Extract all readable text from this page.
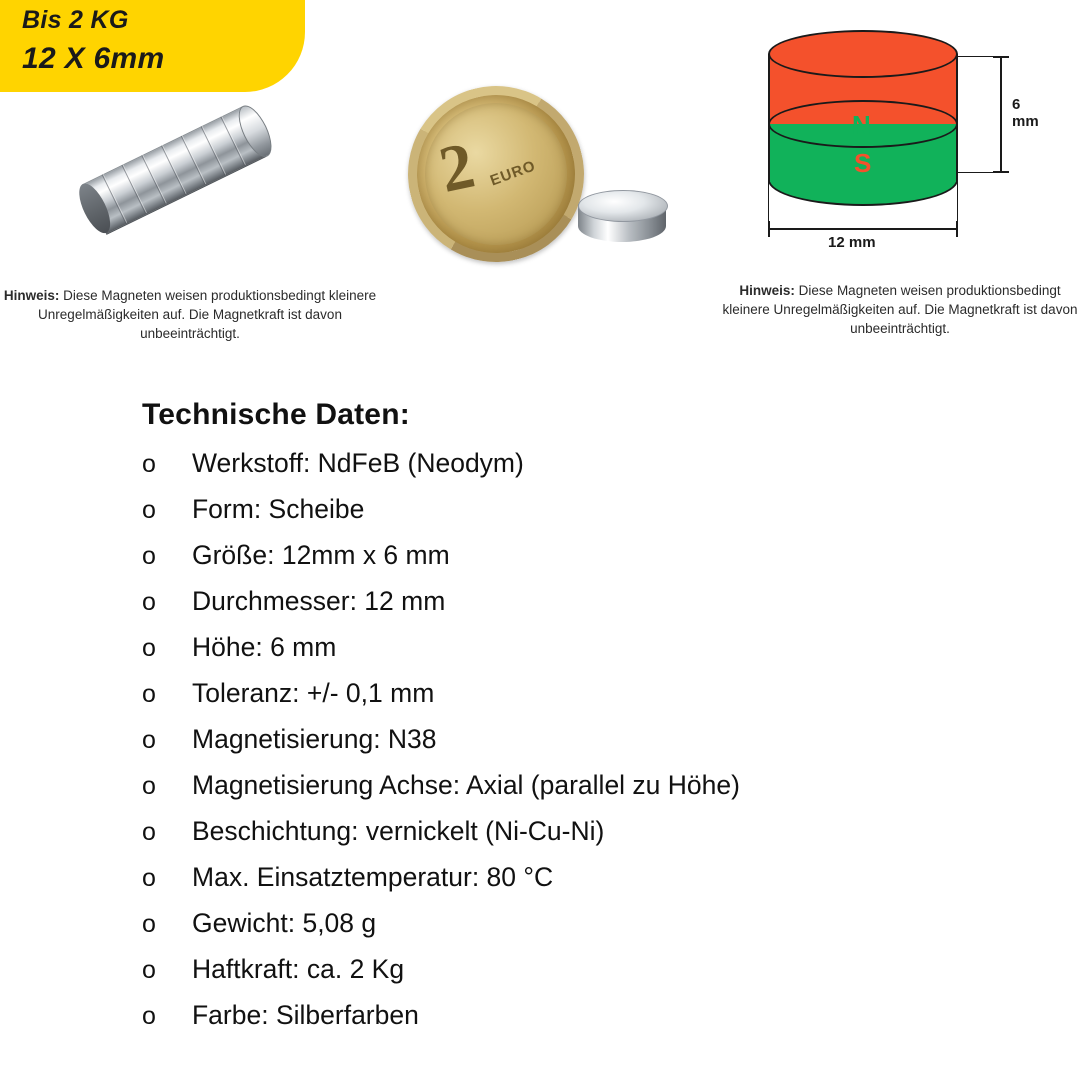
Bis 2 KG
12 X 6mm
Hinweis: Diese Magneten weisen produktionsbedingt kleinere Unregelmäßigkeiten auf. Die Magnetkraft ist davon unbeeinträchtigt.
2 EURO
N
S
6 mm
12 mm
Hinweis: Diese Magneten weisen produktionsbedingt kleinere Unregelmäßigkeiten auf. Die Magnetkraft ist davon unbeeinträchtigt.
Technische Daten:
o	Werkstoff: NdFeB (Neodym)
o	Form: Scheibe
o	Größe: 12mm x 6 mm
o	Durchmesser: 12 mm
o	Höhe: 6 mm
o	Toleranz: +/- 0,1 mm
o	Magnetisierung: N38
o	Magnetisierung Achse: Axial (parallel zu Höhe)
o	Beschichtung: vernickelt (Ni-Cu-Ni)
o	Max. Einsatztemperatur: 80 °C
o	Gewicht: 5,08 g
o	Haftkraft: ca. 2 Kg
o	Farbe: Silberfarben
